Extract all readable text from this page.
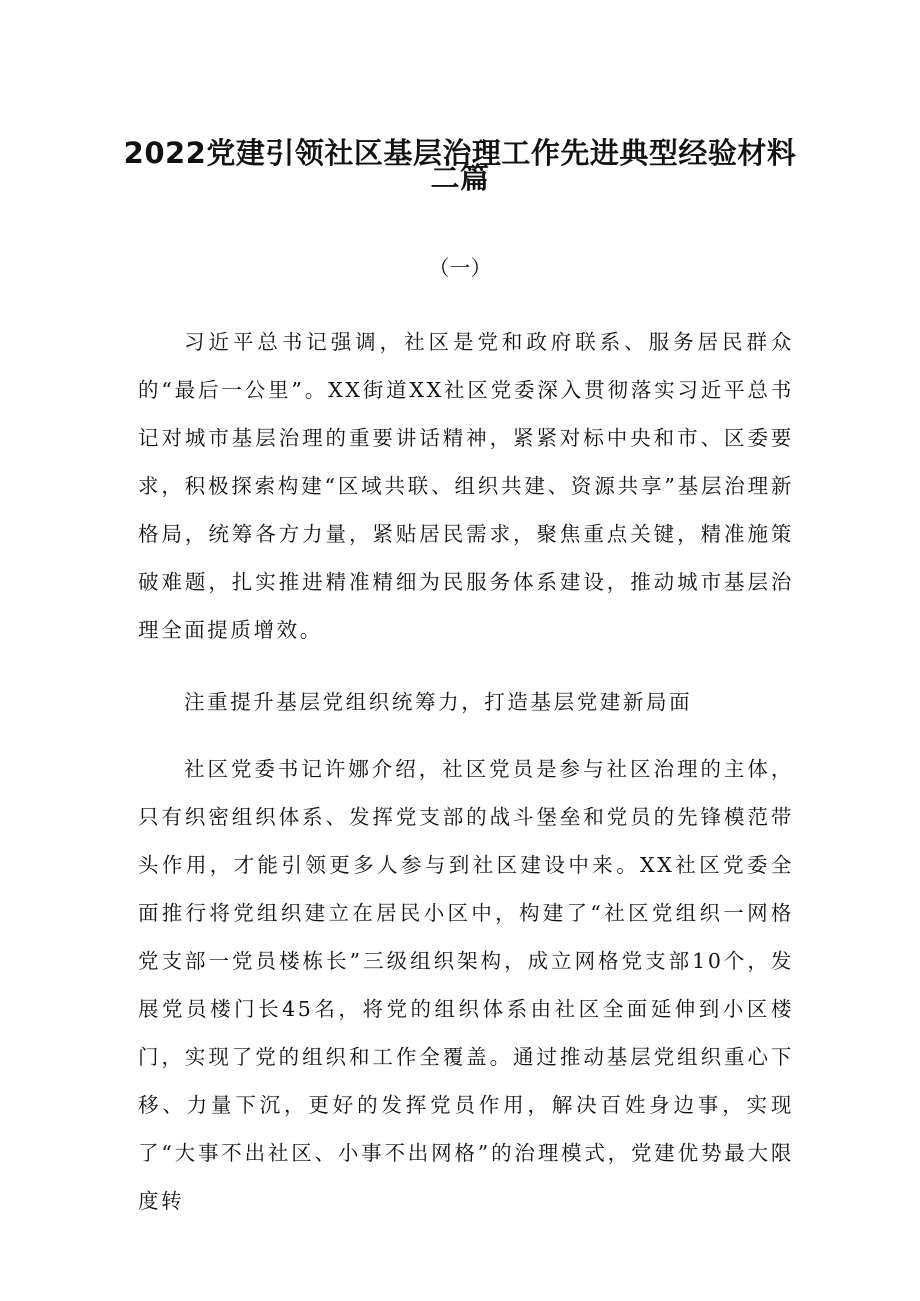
2022党建引领社区基层治理工作先进典型经验材料
二篇
（一）

习近平总书记强调，社区是党和政府联系、服务居民群众的“最后一公里”。XX街道XX社区党委深入贯彻落实习近平总书记对城市基层治理的重要讲话精神，紧紧对标中央和市、区委要求，积极探索构建“区域共联、组织共建、资源共享”基层治理新格局，统筹各方力量，紧贴居民需求，聚焦重点关键，精准施策破难题，扎实推进精准精细为民服务体系建设，推动城市基层治理全面提质增效。

注重提升基层党组织统筹力，打造基层党建新局面

社区党委书记许娜介绍，社区党员是参与社区治理的主体，只有织密组织体系、发挥党支部的战斗堡垒和党员的先锋模范带头作用，才能引领更多人参与到社区建设中来。XX社区党委全面推行将党组织建立在居民小区中，构建了“社区党组织一网格党支部一党员楼栋长”三级组织架构，成立网格党支部10个，发展党员楼门长45名，将党的组织体系由社区全面延伸到小区楼门，实现了党的组织和工作全覆盖。通过推动基层党组织重心下移、力量下沉，更好的发挥党员作用，解决百姓身边事，实现了“大事不出社区、小事不出网格”的治理模式，党建优势最大限度转
